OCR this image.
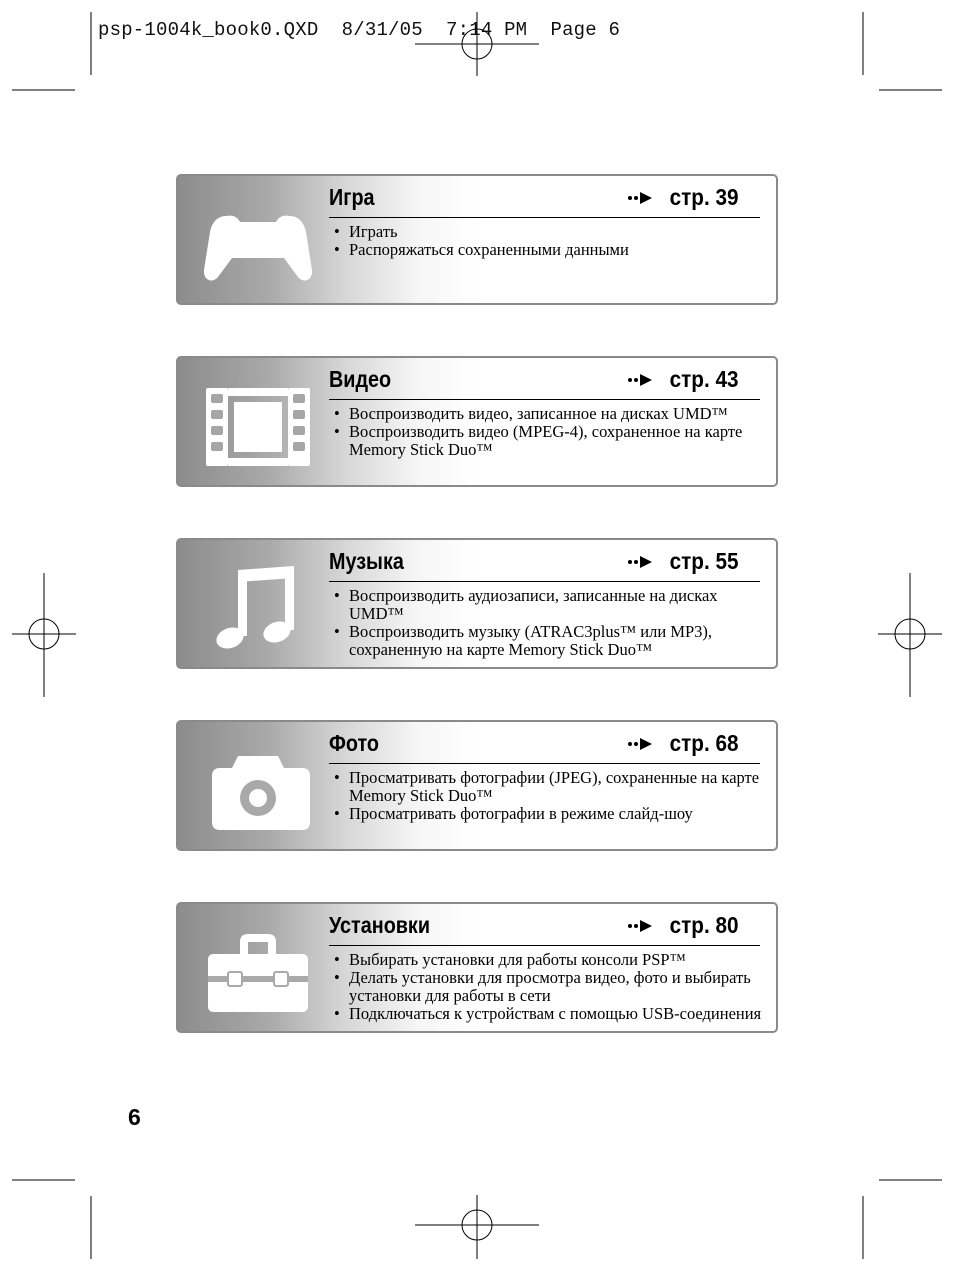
psp-1004k_book0.QXD  8/31/05  7:14 PM  Page 6
Игра	стр. 39
• Играть
• Распоряжаться сохраненными данными
Видео	стр. 43
• Воспроизводить видео, записанное на дисках UMD™
• Воспроизводить видео (MPEG-4), сохраненное на карте Memory Stick Duo™
Музыка	стр. 55
• Воспроизводить аудиозаписи, записанные на дисках UMD™
• Воспроизводить музыку (ATRAC3plus™ или MP3), сохраненную на карте Memory Stick Duo™
Фото	стр. 68
• Просматривать фотографии (JPEG), сохраненные на карте Memory Stick Duo™
• Просматривать фотографии в режиме слайд-шоу
Установки	стр. 80
• Выбирать установки для работы консоли PSP™
• Делать установки для просмотра видео, фото и выбирать установки для работы в сети
• Подключаться к устройствам с помощью USB-соединения
6
